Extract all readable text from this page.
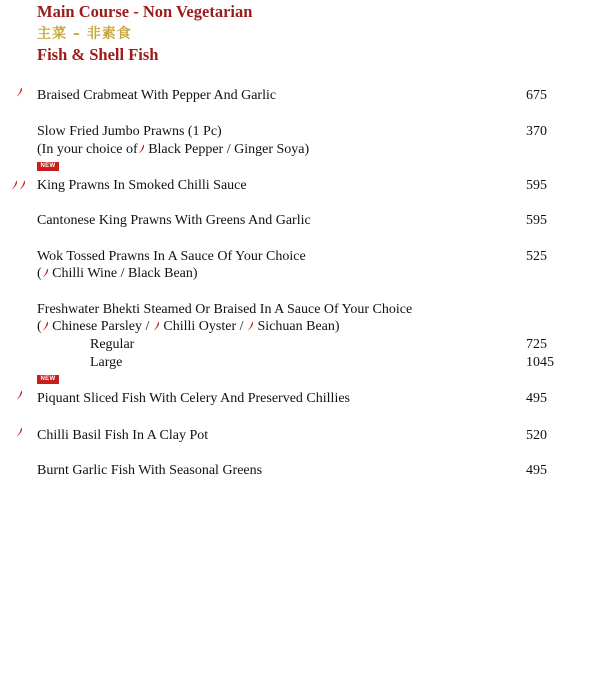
Main Course - Non Vegetarian
主菜 – 非素食
Fish & Shell Fish
Braised Crabmeat With Pepper And Garlic	675
Slow Fried Jumbo Prawns (1 Pc)	370
(In your choice of Black Pepper / Ginger Soya)
NEW
King Prawns In Smoked Chilli Sauce	595
Cantonese King Prawns With Greens And Garlic	595
Wok Tossed Prawns In A Sauce Of Your Choice	525
( Chilli Wine / Black Bean)
Freshwater Bhekti Steamed Or Braised In A Sauce Of Your Choice
( Chinese Parsley / Chilli Oyster / Sichuan Bean)
Regular	725
Large	1045
NEW
Piquant Sliced Fish With Celery And Preserved Chillies	495
Chilli Basil Fish In A Clay Pot	520
Burnt Garlic Fish With Seasonal Greens	495
